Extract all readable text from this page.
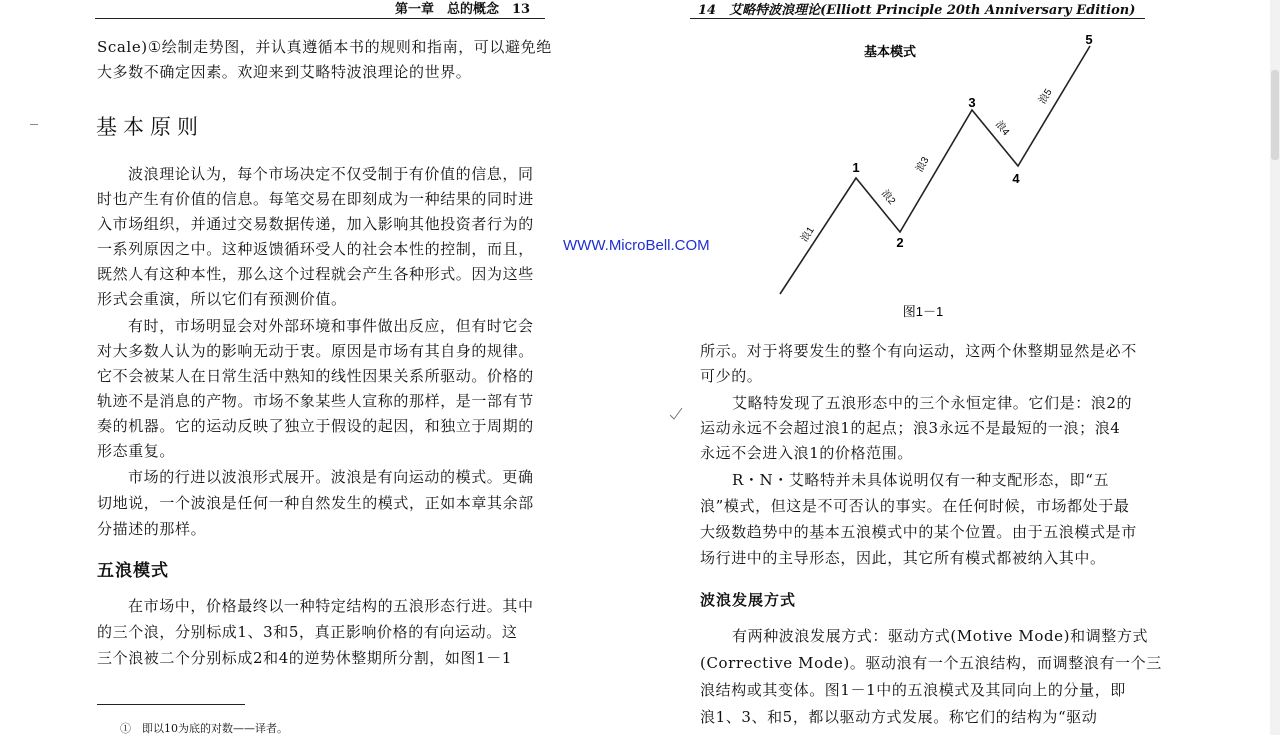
第一章　总的概念　13
Scale)①绘制走势图，并认真遵循本书的规则和指南，可以避免绝
大多数不确定因素。欢迎来到艾略特波浪理论的世界。
基本原则
波浪理论认为，每个市场决定不仅受制于有价值的信息，同
时也产生有价值的信息。每笔交易在即刻成为一种结果的同时进
入市场组织，并通过交易数据传递，加入影响其他投资者行为的
一系列原因之中。这种返馈循环受人的社会本性的控制，而且，
既然人有这种本性，那么这个过程就会产生各种形式。因为这些
形式会重演，所以它们有预测价值。
有时，市场明显会对外部环境和事件做出反应，但有时它会
对大多数人认为的影响无动于衷。原因是市场有其自身的规律。
它不会被某人在日常生活中熟知的线性因果关系所驱动。价格的
轨迹不是消息的产物。市场不象某些人宣称的那样，是一部有节
奏的机器。它的运动反映了独立于假设的起因，和独立于周期的
形态重复。
市场的行进以波浪形式展开。波浪是有向运动的模式。更确
切地说，一个波浪是任何一种自然发生的模式，正如本章其余部
分描述的那样。
五浪模式
在市场中，价格最终以一种特定结构的五浪形态行进。其中
的三个浪，分别标成1、3和5，真正影响价格的有向运动。这
三个浪被二个分别标成2和4的逆势休整期所分割，如图1－1
①　即以10为底的对数——译者。
WWW.MicroBell.COM
14　艾略特波浪理论(Elliott Principle 20th Anniversary Edition)
基本模式
1
2
3
4
5
浪1
浪2
浪3
浪4
浪5
图1－1
所示。对于将要发生的整个有向运动，这两个休整期显然是必不
可少的。
艾略特发现了五浪形态中的三个永恒定律。它们是：浪2的
运动永远不会超过浪1的起点；浪3永远不是最短的一浪；浪4
永远不会进入浪1的价格范围。
R・N・艾略特并未具体说明仅有一种支配形态，即“五
浪”模式，但这是不可否认的事实。在任何时候，市场都处于最
大级数趋势中的基本五浪模式中的某个位置。由于五浪模式是市
场行进中的主导形态，因此，其它所有模式都被纳入其中。
波浪发展方式
有两种波浪发展方式：驱动方式(Motive Mode)和调整方式
(Corrective Mode)。驱动浪有一个五浪结构，而调整浪有一个三
浪结构或其变体。图1－1中的五浪模式及其同向上的分量，即
浪1、3、和5，都以驱动方式发展。称它们的结构为“驱动
